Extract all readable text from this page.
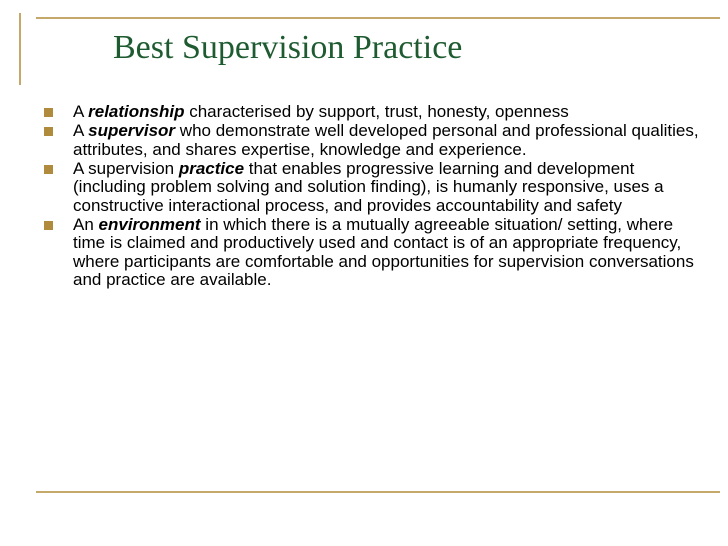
Best Supervision Practice
A relationship characterised by support, trust, honesty, openness
A supervisor who demonstrate well developed personal and professional qualities, attributes, and shares expertise, knowledge and experience.
A supervision practice that enables progressive learning and development (including problem solving and solution finding), is humanly responsive, uses a constructive interactional process, and provides accountability and safety
An environment in which there is a mutually agreeable situation/ setting, where time is claimed and productively used and contact is of an appropriate frequency, where participants are comfortable and opportunities for supervision conversations and practice are available.
